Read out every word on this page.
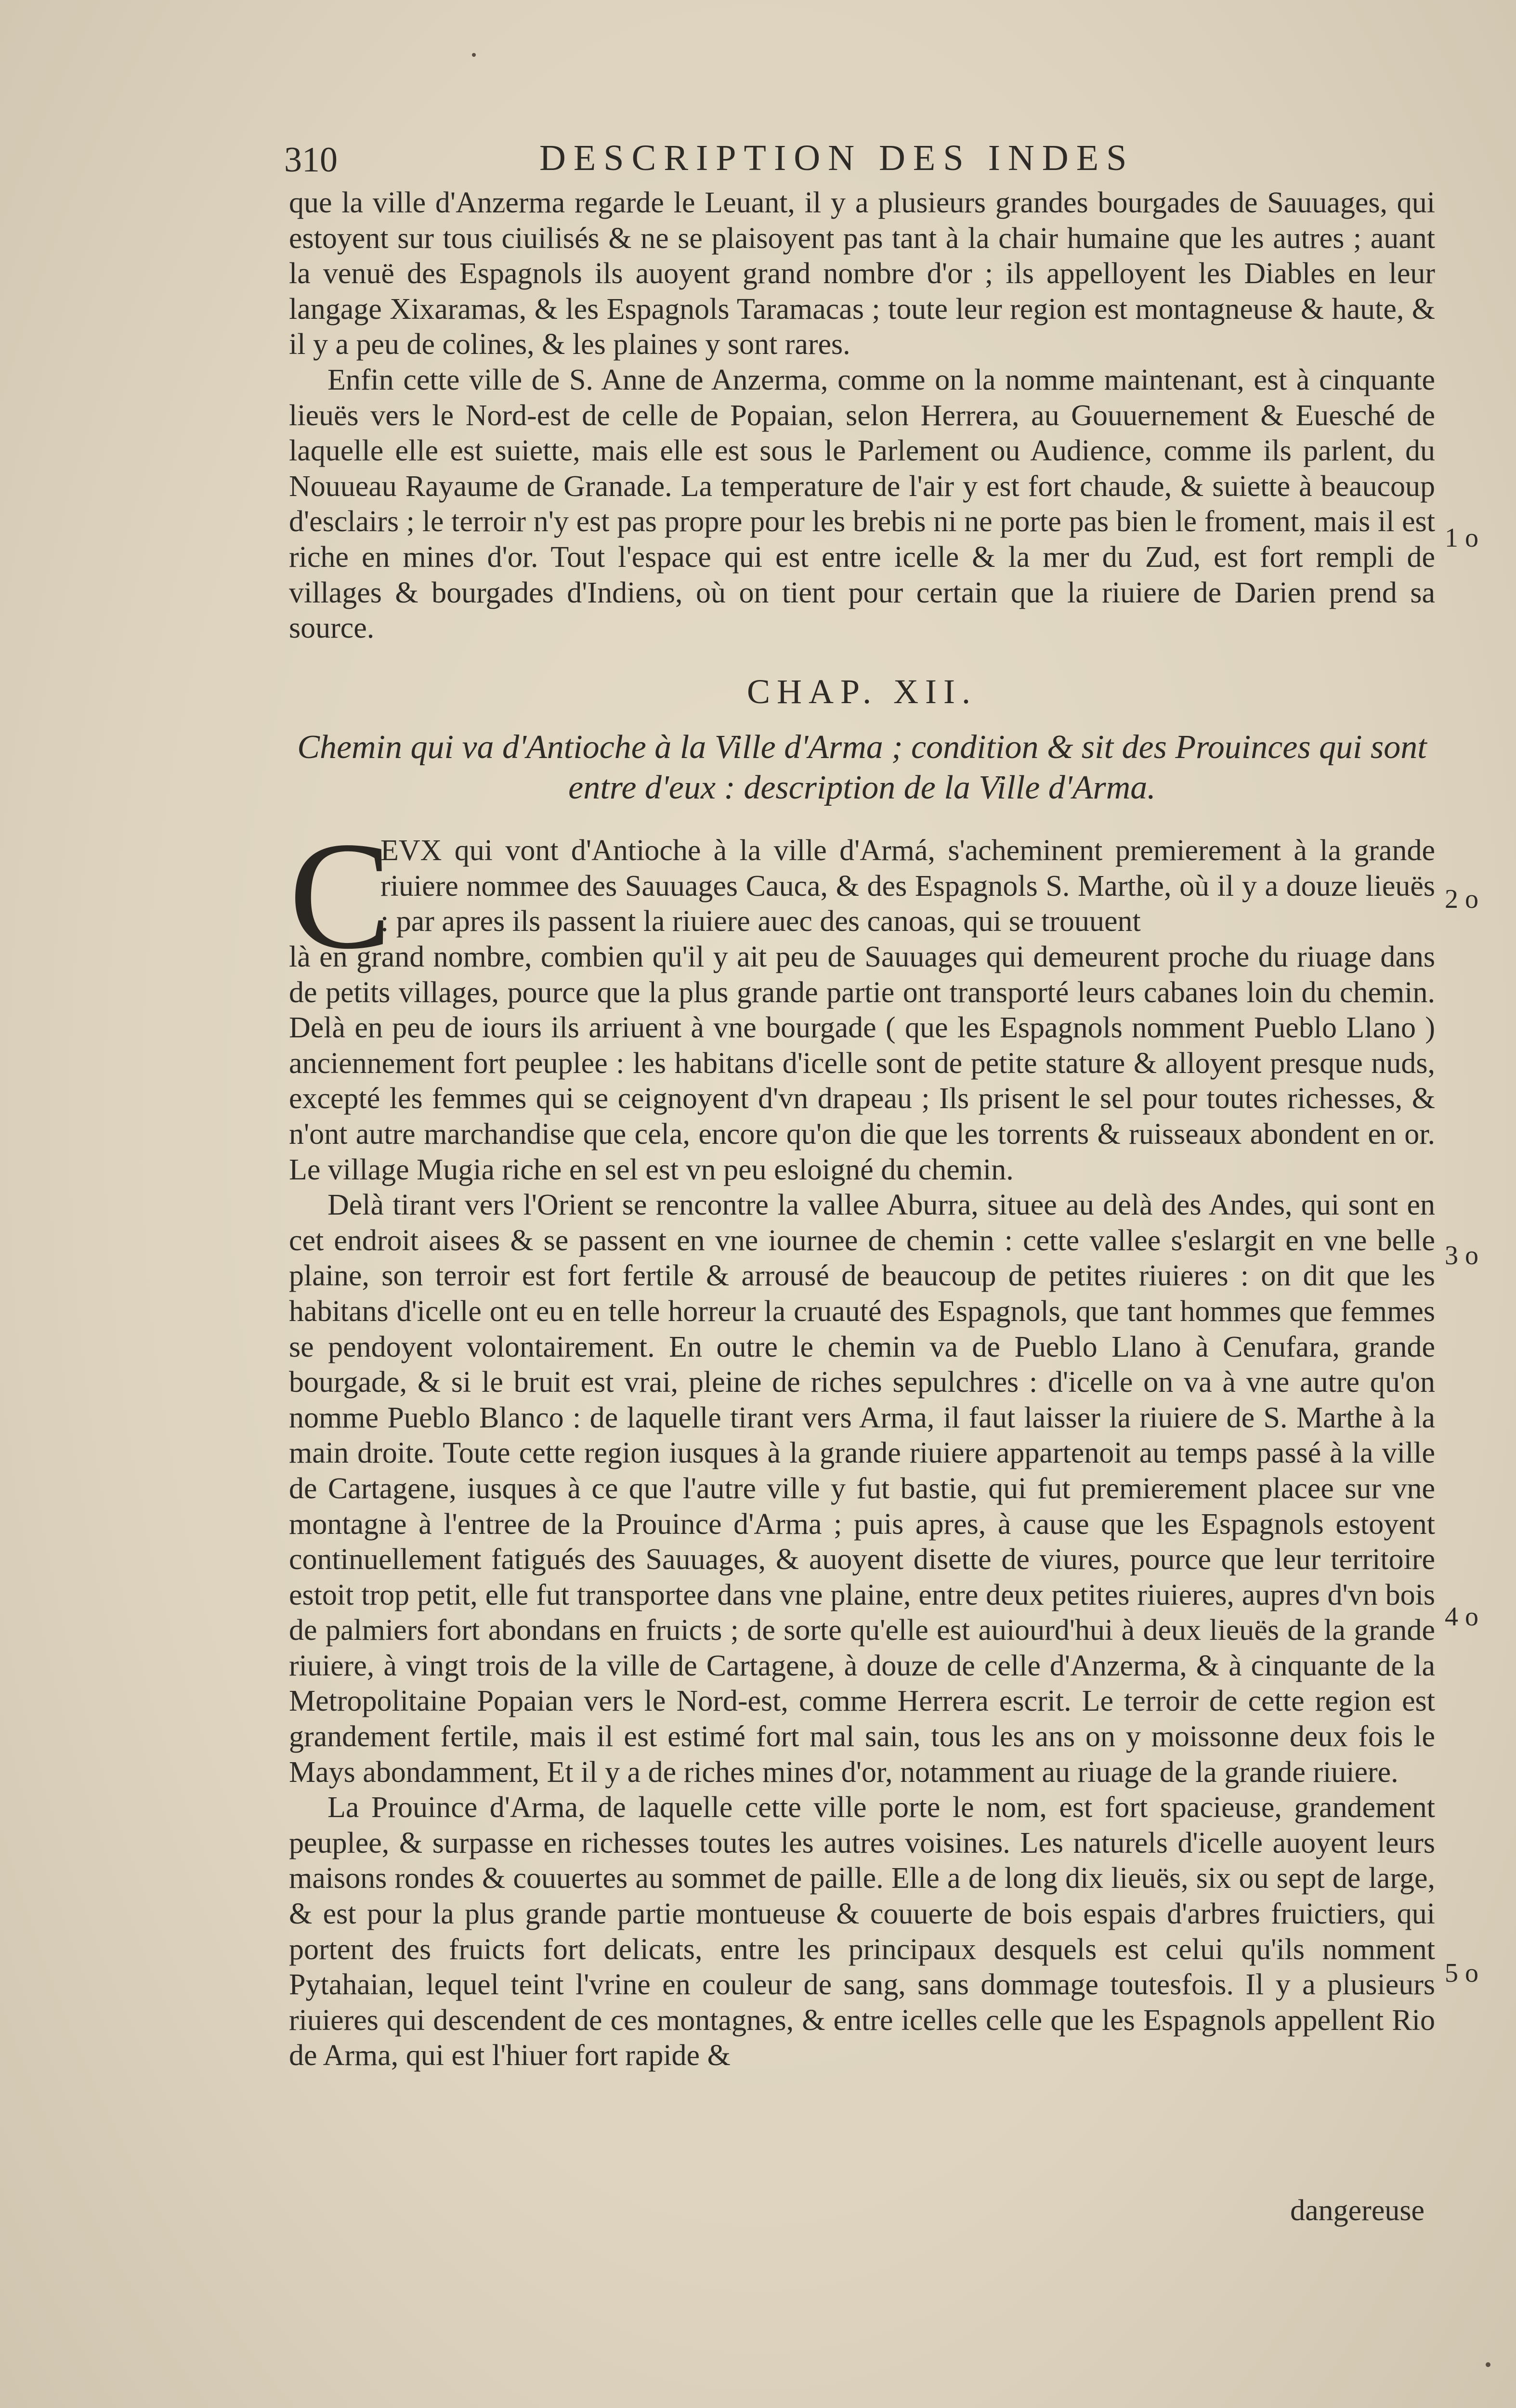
310	DESCRIPTION DES INDES

que la ville d'Anzerma regarde le Leuant, il y a plusieurs grandes bourgades de Sauuages, qui estoyent sur tous ciuilisés & ne se plaisoyent pas tant à la chair humaine que les autres ; auant la venuë des Espagnols ils auoyent grand nombre d'or ; ils appelloyent les Diables en leur langage Xixaramas, & les Espagnols Taramacas ; toute leur region est montagneuse & haute, & il y a peu de colines, & les plaines y sont rares.

Enfin cette ville de S. Anne de Anzerma, comme on la nomme maintenant, est à cinquante lieuës vers le Nord-est de celle de Popaian, selon Herrera, au Gouuernement & Euesché de laquelle elle est suiette, mais elle est sous le Parlement ou Audience, comme ils parlent, du Nouueau Rayaume de Granade. La temperature de l'air y est fort chaude, & suiette à beaucoup d'esclairs ; le terroir n'y est pas propre pour les brebis ni ne porte pas bien le froment, mais il est riche en mines d'or. Tout l'espace qui est entre icelle & la mer du Zud, est fort rempli de villages & bourgades d'Indiens, où on tient pour certain que la riuiere de Darien prend sa source.

CHAP. XII.
Chemin qui va d'Antioche à la Ville d'Arma ; condition & sit des Prouinces qui sont entre d'eux : description de la Ville d'Arma.
C
EVX qui vont d'Antioche à la ville d'Armá, s'acheminent premierement à la grande riuiere nommee des Sauuages Cauca, & des Espagnols S. Marthe, où il y a douze lieuës : par apres ils passent la riuiere auec des canoas, qui se trouuent

là en grand nombre, combien qu'il y ait peu de Sauuages qui demeurent proche du riuage dans de petits villages, pource que la plus grande partie ont transporté leurs cabanes loin du chemin. Delà en peu de iours ils arriuent à vne bourgade ( que les Espagnols nomment Pueblo Llano ) anciennement fort peuplee : les habitans d'icelle sont de petite stature & alloyent presque nuds, excepté les femmes qui se ceignoyent d'vn drapeau ; Ils prisent le sel pour toutes richesses, & n'ont autre marchandise que cela, encore qu'on die que les torrents & ruisseaux abondent en or. Le village Mugia riche en sel est vn peu esloigné du chemin.

Delà tirant vers l'Orient se rencontre la vallee Aburra, situee au delà des Andes, qui sont en cet endroit aisees & se passent en vne iournee de chemin : cette vallee s'eslargit en vne belle plaine, son terroir est fort fertile & arrousé de beaucoup de petites riuieres : on dit que les habitans d'icelle ont eu en telle horreur la cruauté des Espagnols, que tant hommes que femmes se pendoyent volontairement. En outre le chemin va de Pueblo Llano à Cenufara, grande bourgade, & si le bruit est vrai, pleine de riches sepulchres : d'icelle on va à vne autre qu'on nomme Pueblo Blanco : de laquelle tirant vers Arma, il faut laisser la riuiere de S. Marthe à la main droite. Toute cette region iusques à la grande riuiere appartenoit au temps passé à la ville de Cartagene, iusques à ce que l'autre ville y fut bastie, qui fut premierement placee sur vne montagne à l'entree de la Prouince d'Arma ; puis apres, à cause que les Espagnols estoyent continuellement fatigués des Sauuages, & auoyent disette de viures, pource que leur territoire estoit trop petit, elle fut transportee dans vne plaine, entre deux petites riuieres, aupres d'vn bois de palmiers fort abondans en fruicts ; de sorte qu'elle est auiourd'hui à deux lieuës de la grande riuiere, à vingt trois de la ville de Cartagene, à douze de celle d'Anzerma, & à cinquante de la Metropolitaine Popaian vers le Nord-est, comme Herrera escrit. Le terroir de cette region est grandement fertile, mais il est estimé fort mal sain, tous les ans on y moissonne deux fois le Mays abondamment, Et il y a de riches mines d'or, notamment au riuage de la grande riuiere.

La Prouince d'Arma, de laquelle cette ville porte le nom, est fort spacieuse, grandement peuplee, & surpasse en richesses toutes les autres voisines. Les naturels d'icelle auoyent leurs maisons rondes & couuertes au sommet de paille. Elle a de long dix lieuës, six ou sept de large, & est pour la plus grande partie montueuse & couuerte de bois espais d'arbres fruictiers, qui portent des fruicts fort delicats, entre les principaux desquels est celui qu'ils nomment Pytahaian, lequel teint l'vrine en couleur de sang, sans dommage toutesfois. Il y a plusieurs riuieres qui descendent de ces montagnes, & entre icelles celle que les Espagnols appellent Rio de Arma, qui est l'hiuer fort rapide &

1 o
2 o
3 o
4 o
5 o
dangereuse
